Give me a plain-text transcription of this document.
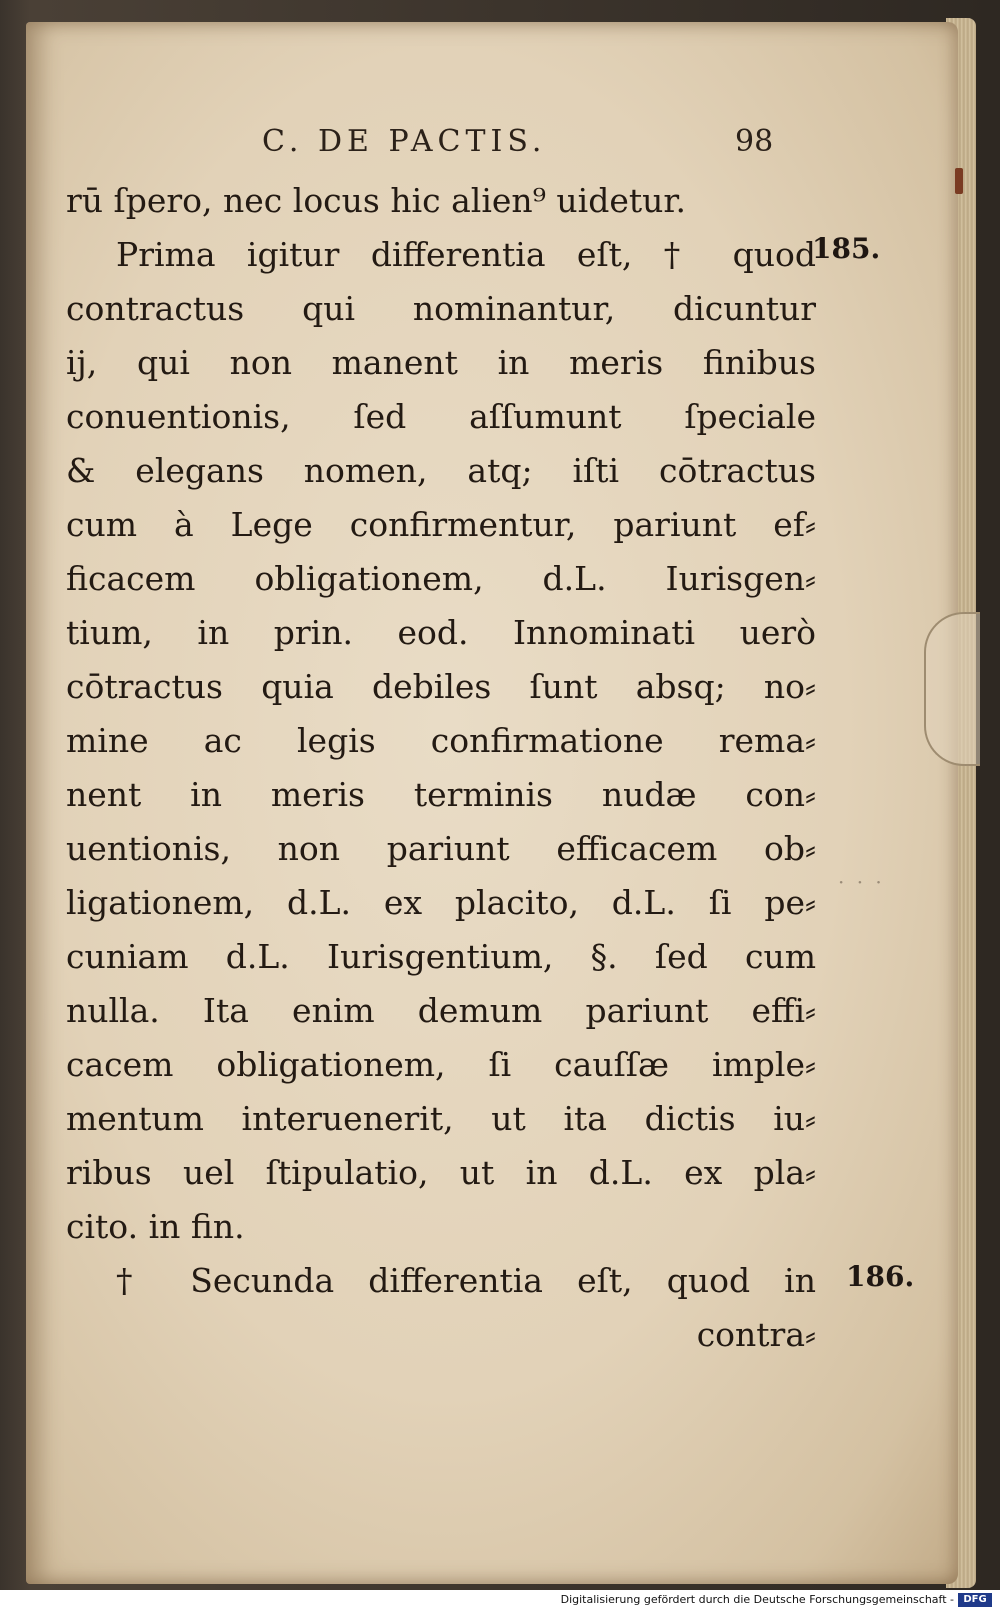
C. DE PACTIS.	98
rū ſpero, nec locus hic alien⁹ uidetur.
Prima igitur differentia eſt, † quod
contractus qui nominantur, dicuntur
ij, qui non manent in meris finibus
conuentionis, ſed aſſumunt ſpeciale
& elegans nomen, atq; iſti cōtractus
cum à Lege confirmentur, pariunt ef⸗
ficacem obligationem, d.L. Iurisgen⸗
tium, in prin. eod. Innominati uerò
cōtractus quia debiles ſunt absq; no⸗
mine ac legis confirmatione rema⸗
nent in meris terminis nudæ con⸗
uentionis, non pariunt efficacem ob⸗
ligationem, d.L. ex placito, d.L. ſi pe⸗
cuniam d.L. Iurisgentium, §. ſed cum
nulla. Ita enim demum pariunt effi⸗
cacem obligationem, ſi cauſſæ imple⸗
mentum interuenerit, ut ita dictis iu⸗
ribus uel ſtipulatio, ut in d.L. ex pla⸗
cito. in fin.
† Secunda differentia eſt, quod in
contra⸗
185.
186.
· · ·
Digitalisierung gefördert durch die Deutsche Forschungsgemeinschaft - DFG
